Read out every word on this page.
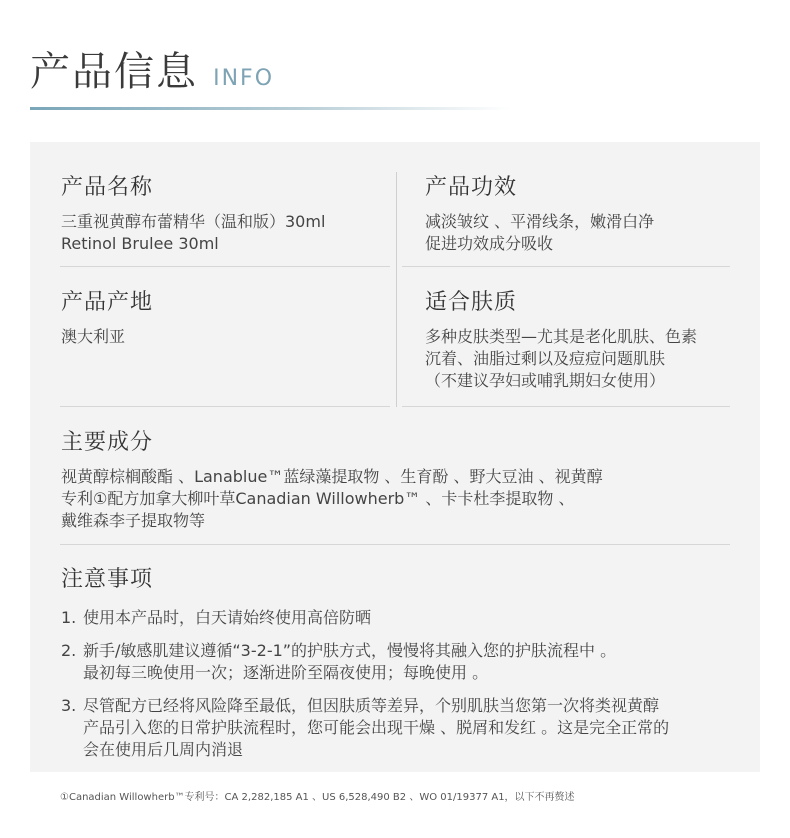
产品信息 INFO
产品名称
三重视黄醇布蕾精华（温和版）30ml
Retinol Brulee 30ml
产品功效
减淡皱纹 、平滑线条，嫩滑白净
促进功效成分吸收
产品产地
澳大利亚
适合肤质
多种皮肤类型—尤其是老化肌肤、色素
沉着、油脂过剩以及痘痘问题肌肤
（不建议孕妇或哺乳期妇女使用）
主要成分
视黄醇棕榈酸酯 、Lanablue™蓝绿藻提取物 、生育酚 、野大豆油 、视黄醇
专利①配方加拿大柳叶草Canadian Willowherb™ 、卡卡杜李提取物 、
戴维森李子提取物等
注意事项
1. 使用本产品时，白天请始终使用高倍防晒
2. 新手/敏感肌建议遵循“3-2-1”的护肤方式，慢慢将其融入您的护肤流程中 。
最初每三晚使用一次；逐渐进阶至隔夜使用；每晚使用 。
3. 尽管配方已经将风险降至最低，但因肤质等差异，个别肌肤当您第一次将类视黄醇
产品引入您的日常护肤流程时，您可能会出现干燥 、脱屑和发红 。这是完全正常的
会在使用后几周内消退
①Canadian Willowherb™专利号：CA 2,282,185 A1 、US 6,528,490 B2 、WO 01/19377 A1，以下不再赘述
